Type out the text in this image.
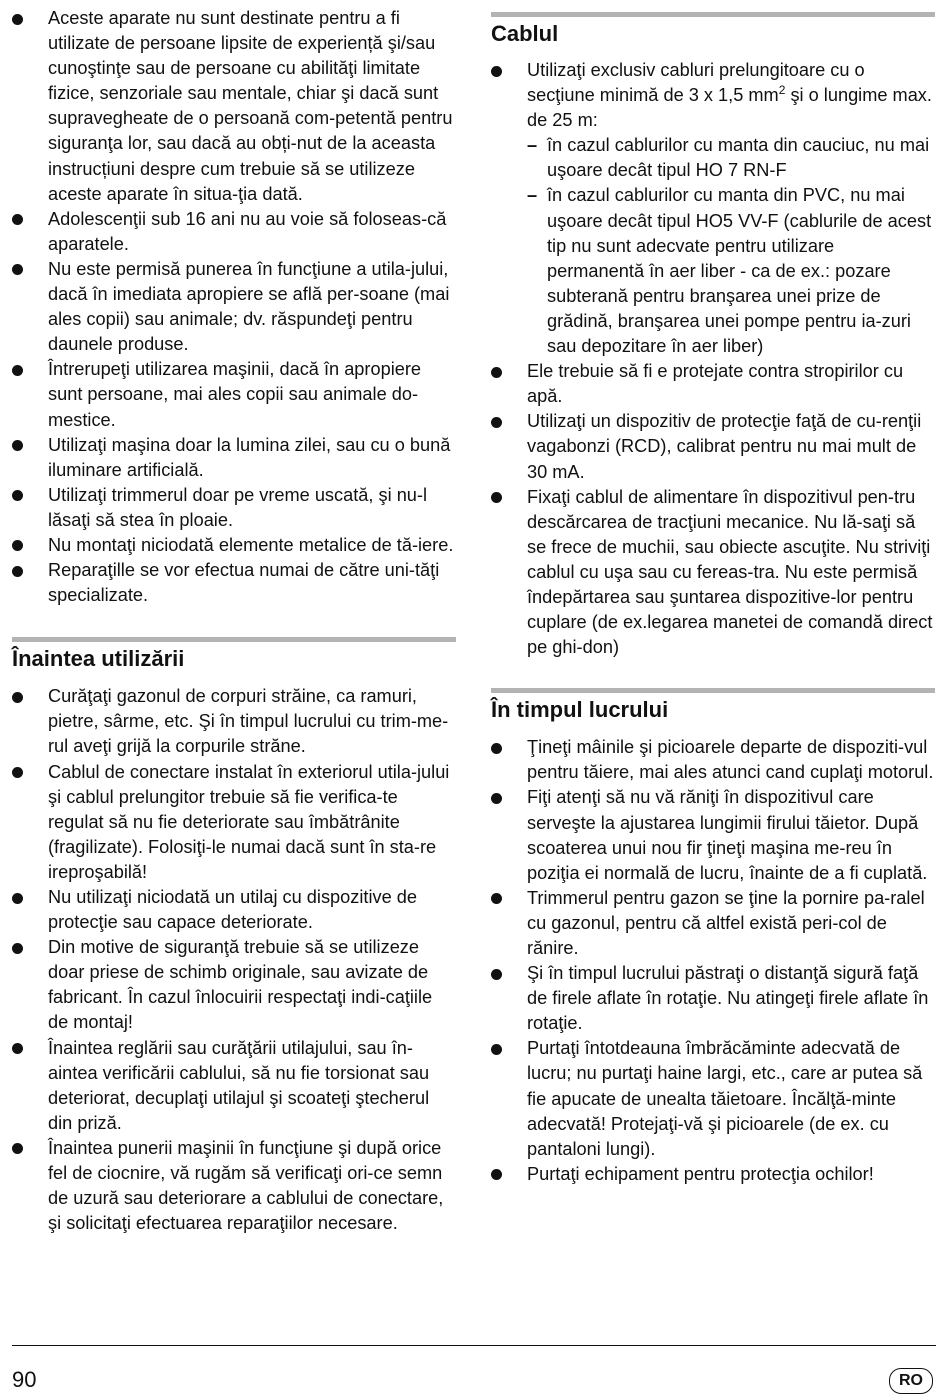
Aceste aparate nu sunt destinate pentru a fi utilizate de persoane lipsite de experiență şi/sau cunoştinţe sau de persoane cu abilităţi limitate fizice, senzoriale sau mentale, chiar şi dacă sunt supravegheate de o persoană com-petentă pentru siguranţa lor, sau dacă au obți-nut de la aceasta instrucțiuni despre cum trebuie să se utilizeze aceste aparate în situa-ţia dată.
Adolescenţii sub 16 ani nu au voie să foloseas-că aparatele.
Nu este permisă punerea în funcţiune a utila-jului, dacă în imediata apropiere se află per-soane (mai ales copii) sau animale; dv. răspundeţi pentru daunele produse.
Întrerupeţi utilizarea maşinii, dacă în apropiere sunt persoane, mai ales copii sau animale do-mestice.
Utilizaţi maşina doar la lumina zilei, sau cu o bună iluminare artificială.
Utilizaţi trimmerul doar pe vreme uscată, şi nu-l lăsaţi să stea în ploaie.
Nu montaţi niciodată elemente metalice de tă-iere.
Reparaţille se vor efectua numai de către uni-tăţi specializate.
Înaintea utilizării
Curăţaţi gazonul de corpuri străine, ca ramuri, pietre, sârme, etc. Şi în timpul lucrului cu trim-me-rul aveţi grijă la corpurile străne.
Cablul de conectare instalat în exteriorul utila-jului şi cablul prelungitor trebuie să fie verifica-te regulat să nu fie deteriorate sau îmbătrânite (fragilizate). Folosiţi-le numai dacă sunt în sta-re ireproşabilă!
Nu utilizaţi niciodată un utilaj cu dispozitive de protecţie sau capace deteriorate.
Din motive de siguranţă trebuie să se utilizeze doar priese de schimb originale, sau avizate de fabricant. În cazul înlocuirii respectaţi indi-caţiile de montaj!
Înaintea reglării sau curăţării utilajului, sau în-aintea verificării cablului, să nu fie torsionat sau deteriorat, decuplaţi utilajul şi scoateţi ştecherul din priză.
Înaintea punerii maşinii în funcţiune şi după orice fel de ciocnire, vă rugăm să verificaţi ori-ce semn de uzură sau deteriorare a cablului de conectare, şi solicitaţi efectuarea reparaţiilor necesare.
Cablul
Utilizaţi exclusiv cabluri prelungitoare cu o secţiune minimă de 3 x 1,5 $mm^2$ şi o lungime max. de 25 m:
– în cazul cablurilor cu manta din cauciuc, nu mai uşoare decât tipul HO 7 RN-F
– în cazul cablurilor cu manta din PVC, nu mai uşoare decât tipul HO5 VV-F (cablurile de acest tip nu sunt adecvate pentru utilizare permanentă în aer liber - ca de ex.: pozare subterană pentru branşarea unei prize de grădină, branşarea unei pompe pentru ia-zuri sau depozitare în aer liber)
Ele trebuie să fi e protejate contra stropirilor cu apă.
Utilizaţi un dispozitiv de protecţie faţă de cu-renţii vagabonzi (RCD), calibrat pentru nu mai mult de 30 mA.
Fixaţi cablul de alimentare în dispozitivul pen-tru descărcarea de tracţiuni mecanice. Nu lă-saţi să se frece de muchii, sau obiecte ascuţite. Nu striviţi cablul cu uşa sau cu fereas-tra. Nu este permisă îndepărtarea sau şuntarea dispozitive-lor pentru cuplare (de ex.legarea manetei de comandă direct pe ghi-don)
În timpul lucrului
Ţineţi mâinile şi picioarele departe de dispoziti-vul pentru tăiere, mai ales atunci cand cuplaţi motorul.
Fiţi atenţi să nu vă răniţi în dispozitivul care serveşte la ajustarea lungimii firului tăietor. După scoaterea unui nou fir ţineţi maşina me-reu în poziţia ei normală de lucru, înainte de a fi cuplată.
Trimmerul pentru gazon se ţine la pornire pa-ralel cu gazonul, pentru că altfel există peri-col de rănire.
Şi în timpul lucrului păstraţi o distanţă sigură faţă de firele aflate în rotaţie. Nu atingeţi firele aflate în rotaţie.
Purtaţi întotdeauna îmbrăcăminte adecvată de lucru; nu purtaţi haine largi, etc., care ar putea să fie apucate de unealta tăietoare. Încălţă-minte adecvată! Protejaţi-vă şi picioarele (de ex. cu pantaloni lungi).
Purtaţi echipament pentru protecţia ochilor!
90	RO
